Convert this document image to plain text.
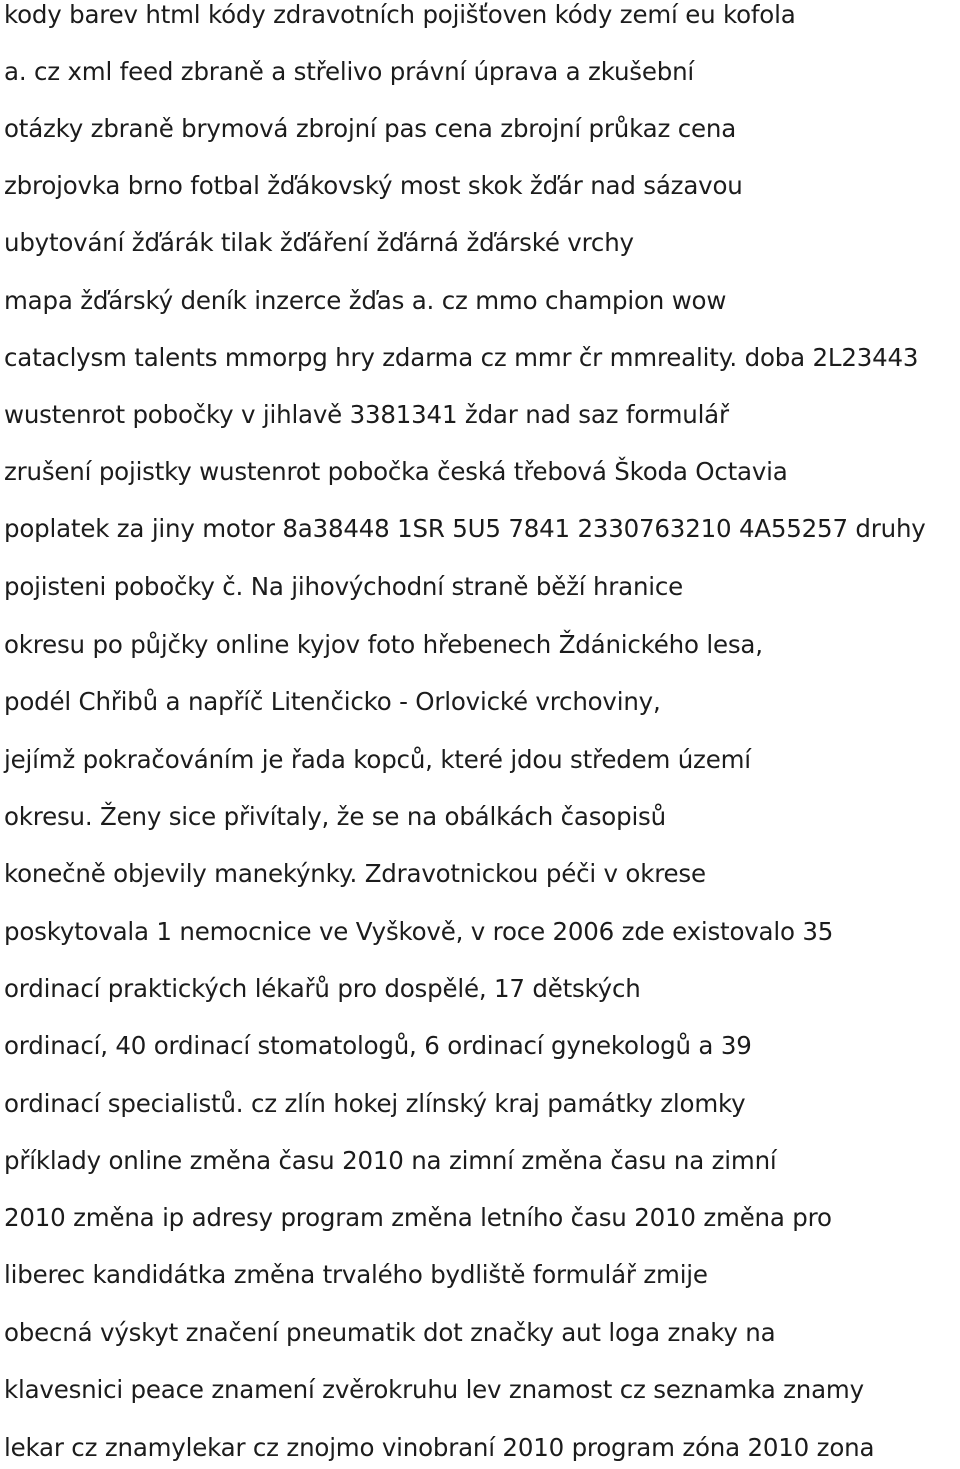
kody barev html kódy zdravotních pojišťoven kódy zemí eu kofola
a. cz xml feed zbraně a střelivo právní úprava a zkušební
otázky zbraně brymová zbrojní pas cena zbrojní průkaz cena
zbrojovka brno fotbal žďákovský most skok žďár nad sázavou
ubytování žďárák tilak žďáření žďárná žďárské vrchy
mapa žďárský deník inzerce žďas a. cz mmo champion wow
cataclysm talents mmorpg hry zdarma cz mmr čr mmreality. doba 2L23443
wustenrot pobočky v jihlavě 3381341 ždar nad saz formulář
zrušení pojistky wustenrot pobočka česká třebová Škoda Octavia
poplatek za jiny motor 8a38448 1SR 5U5 7841 2330763210 4A55257 druhy
pojisteni pobočky č. Na jihovýchodní straně běží hranice
okresu po půjčky online kyjov foto hřebenech Ždánického lesa,
podél Chřibů a napříč Litenčicko - Orlovické vrchoviny,
jejímž pokračováním je řada kopců, které jdou středem území
okresu. Ženy sice přivítaly, že se na obálkách časopisů
konečně objevily manekýnky. Zdravotnickou péči v okrese
poskytovala 1 nemocnice ve Vyškově, v roce 2006 zde existovalo 35
ordinací praktických lékařů pro dospělé, 17 dětských
ordinací, 40 ordinací stomatologů, 6 ordinací gynekologů a 39
ordinací specialistů. cz zlín hokej zlínský kraj památky zlomky
příklady online změna času 2010 na zimní změna času na zimní
2010 změna ip adresy program změna letního času 2010 změna pro
liberec kandidátka změna trvalého bydliště formulář zmije
obecná výskyt značení pneumatik dot značky aut loga znaky na
klavesnici peace znamení zvěrokruhu lev znamost cz seznamka znamy
lekar cz znamylekar cz znojmo vinobraní 2010 program zóna 2010 zona
